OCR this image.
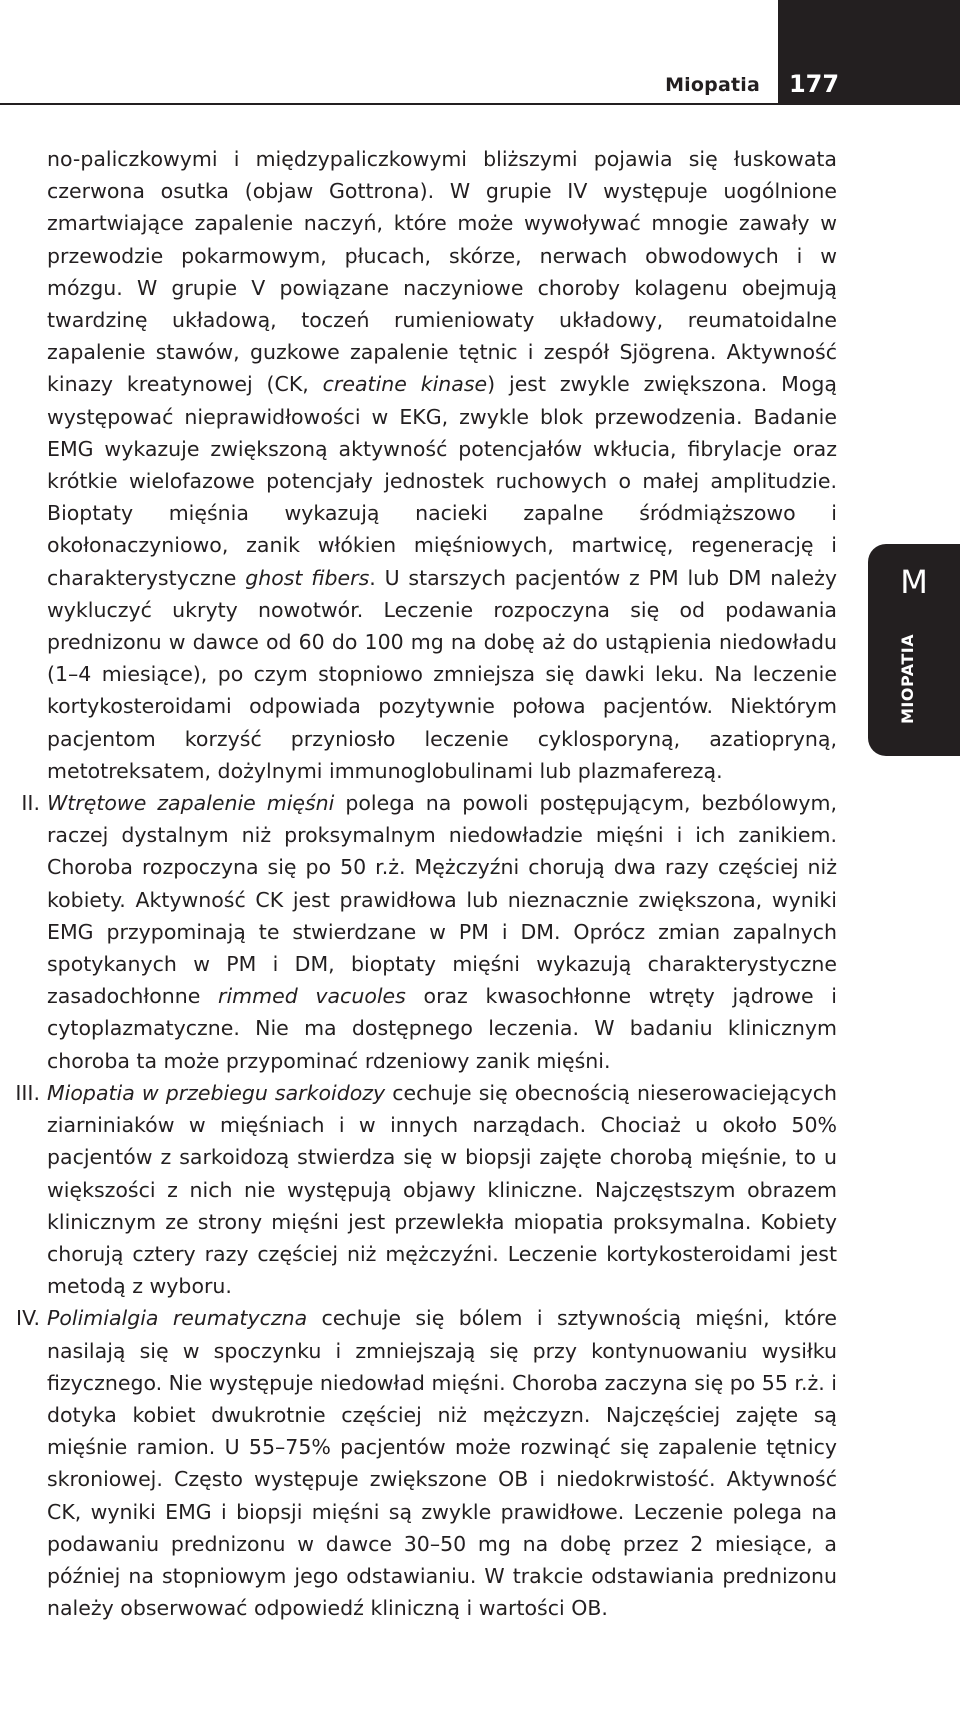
177
Miopatia
M
MIOPATIA

no-paliczkowymi i międzypaliczkowymi bliższymi pojawia się łuskowata czerwona osutka (objaw Gottrona). W grupie IV występuje uogólnione zmartwiające zapalenie naczyń, które może wywoływać mnogie zawały w przewodzie pokarmowym, płucach, skórze, nerwach obwodowych i w mózgu. W grupie V powiązane naczyniowe choroby kolagenu obejmują twardzinę układową, toczeń rumieniowaty układowy, reumatoidalne zapalenie stawów, guzkowe zapalenie tętnic i zespół Sjögrena. Aktywność kinazy kreatynowej (CK, creatine kinase) jest zwykle zwiększona. Mogą występować nieprawidłowości w EKG, zwykle blok przewodzenia. Badanie EMG wykazuje zwiększoną aktywność potencjałów wkłucia, fibrylacje oraz krótkie wielofazowe potencjały jednostek ruchowych o małej amplitudzie. Bioptaty mięśnia wykazują nacieki zapalne śródmiąższowo i okołonaczyniowo, zanik włókien mięśniowych, martwicę, regenerację i charakterystyczne ghost fibers. U starszych pacjentów z PM lub DM należy wykluczyć ukryty nowotwór. Leczenie rozpoczyna się od podawania prednizonu w dawce od 60 do 100 mg na dobę aż do ustąpienia niedowładu (1–4 miesiące), po czym stopniowo zmniejsza się dawki leku. Na leczenie kortykosteroidami odpowiada pozytywnie połowa pacjentów. Niektórym pacjentom korzyść przyniosło leczenie cyklosporyną, azatiopryną, metotreksatem, dożylnymi immunoglobulinami lub plazmaferezą.

II. Wtrętowe zapalenie mięśni polega na powoli postępującym, bezbólowym, raczej dystalnym niż proksymalnym niedowładzie mięśni i ich zanikiem. Choroba rozpoczyna się po 50 r.ż. Mężczyźni chorują dwa razy częściej niż kobiety. Aktywność CK jest prawidłowa lub nieznacznie zwiększona, wyniki EMG przypominają te stwierdzane w PM i DM. Oprócz zmian zapalnych spotykanych w PM i DM, bioptaty mięśni wykazują charakterystyczne zasadochłonne rimmed vacuoles oraz kwasochłonne wtręty jądrowe i cytoplazmatyczne. Nie ma dostępnego leczenia. W badaniu klinicznym choroba ta może przypominać rdzeniowy zanik mięśni.

III. Miopatia w przebiegu sarkoidozy cechuje się obecnością nieserowaciejących ziarniniaków w mięśniach i w innych narządach. Chociaż u około 50% pacjentów z sarkoidozą stwierdza się w biopsji zajęte chorobą mięśnie, to u większości z nich nie występują objawy kliniczne. Najczęstszym obrazem klinicznym ze strony mięśni jest przewlekła miopatia proksymalna. Kobiety chorują cztery razy częściej niż mężczyźni. Leczenie kortykosteroidami jest metodą z wyboru.

IV. Polimialgia reumatyczna cechuje się bólem i sztywnością mięśni, które nasilają się w spoczynku i zmniejszają się przy kontynuowaniu wysiłku fizycznego. Nie występuje niedowład mięśni. Choroba zaczyna się po 55 r.ż. i dotyka kobiet dwukrotnie częściej niż mężczyzn. Najczęściej zajęte są mięśnie ramion. U 55–75% pacjentów może rozwinąć się zapalenie tętnicy skroniowej. Często występuje zwiększone OB i niedokrwistość. Aktywność CK, wyniki EMG i biopsji mięśni są zwykle prawidłowe. Leczenie polega na podawaniu prednizonu w dawce 30–50 mg na dobę przez 2 miesiące, a później na stopniowym jego odstawianiu. W trakcie odstawiania prednizonu należy obserwować odpowiedź kliniczną i wartości OB.
